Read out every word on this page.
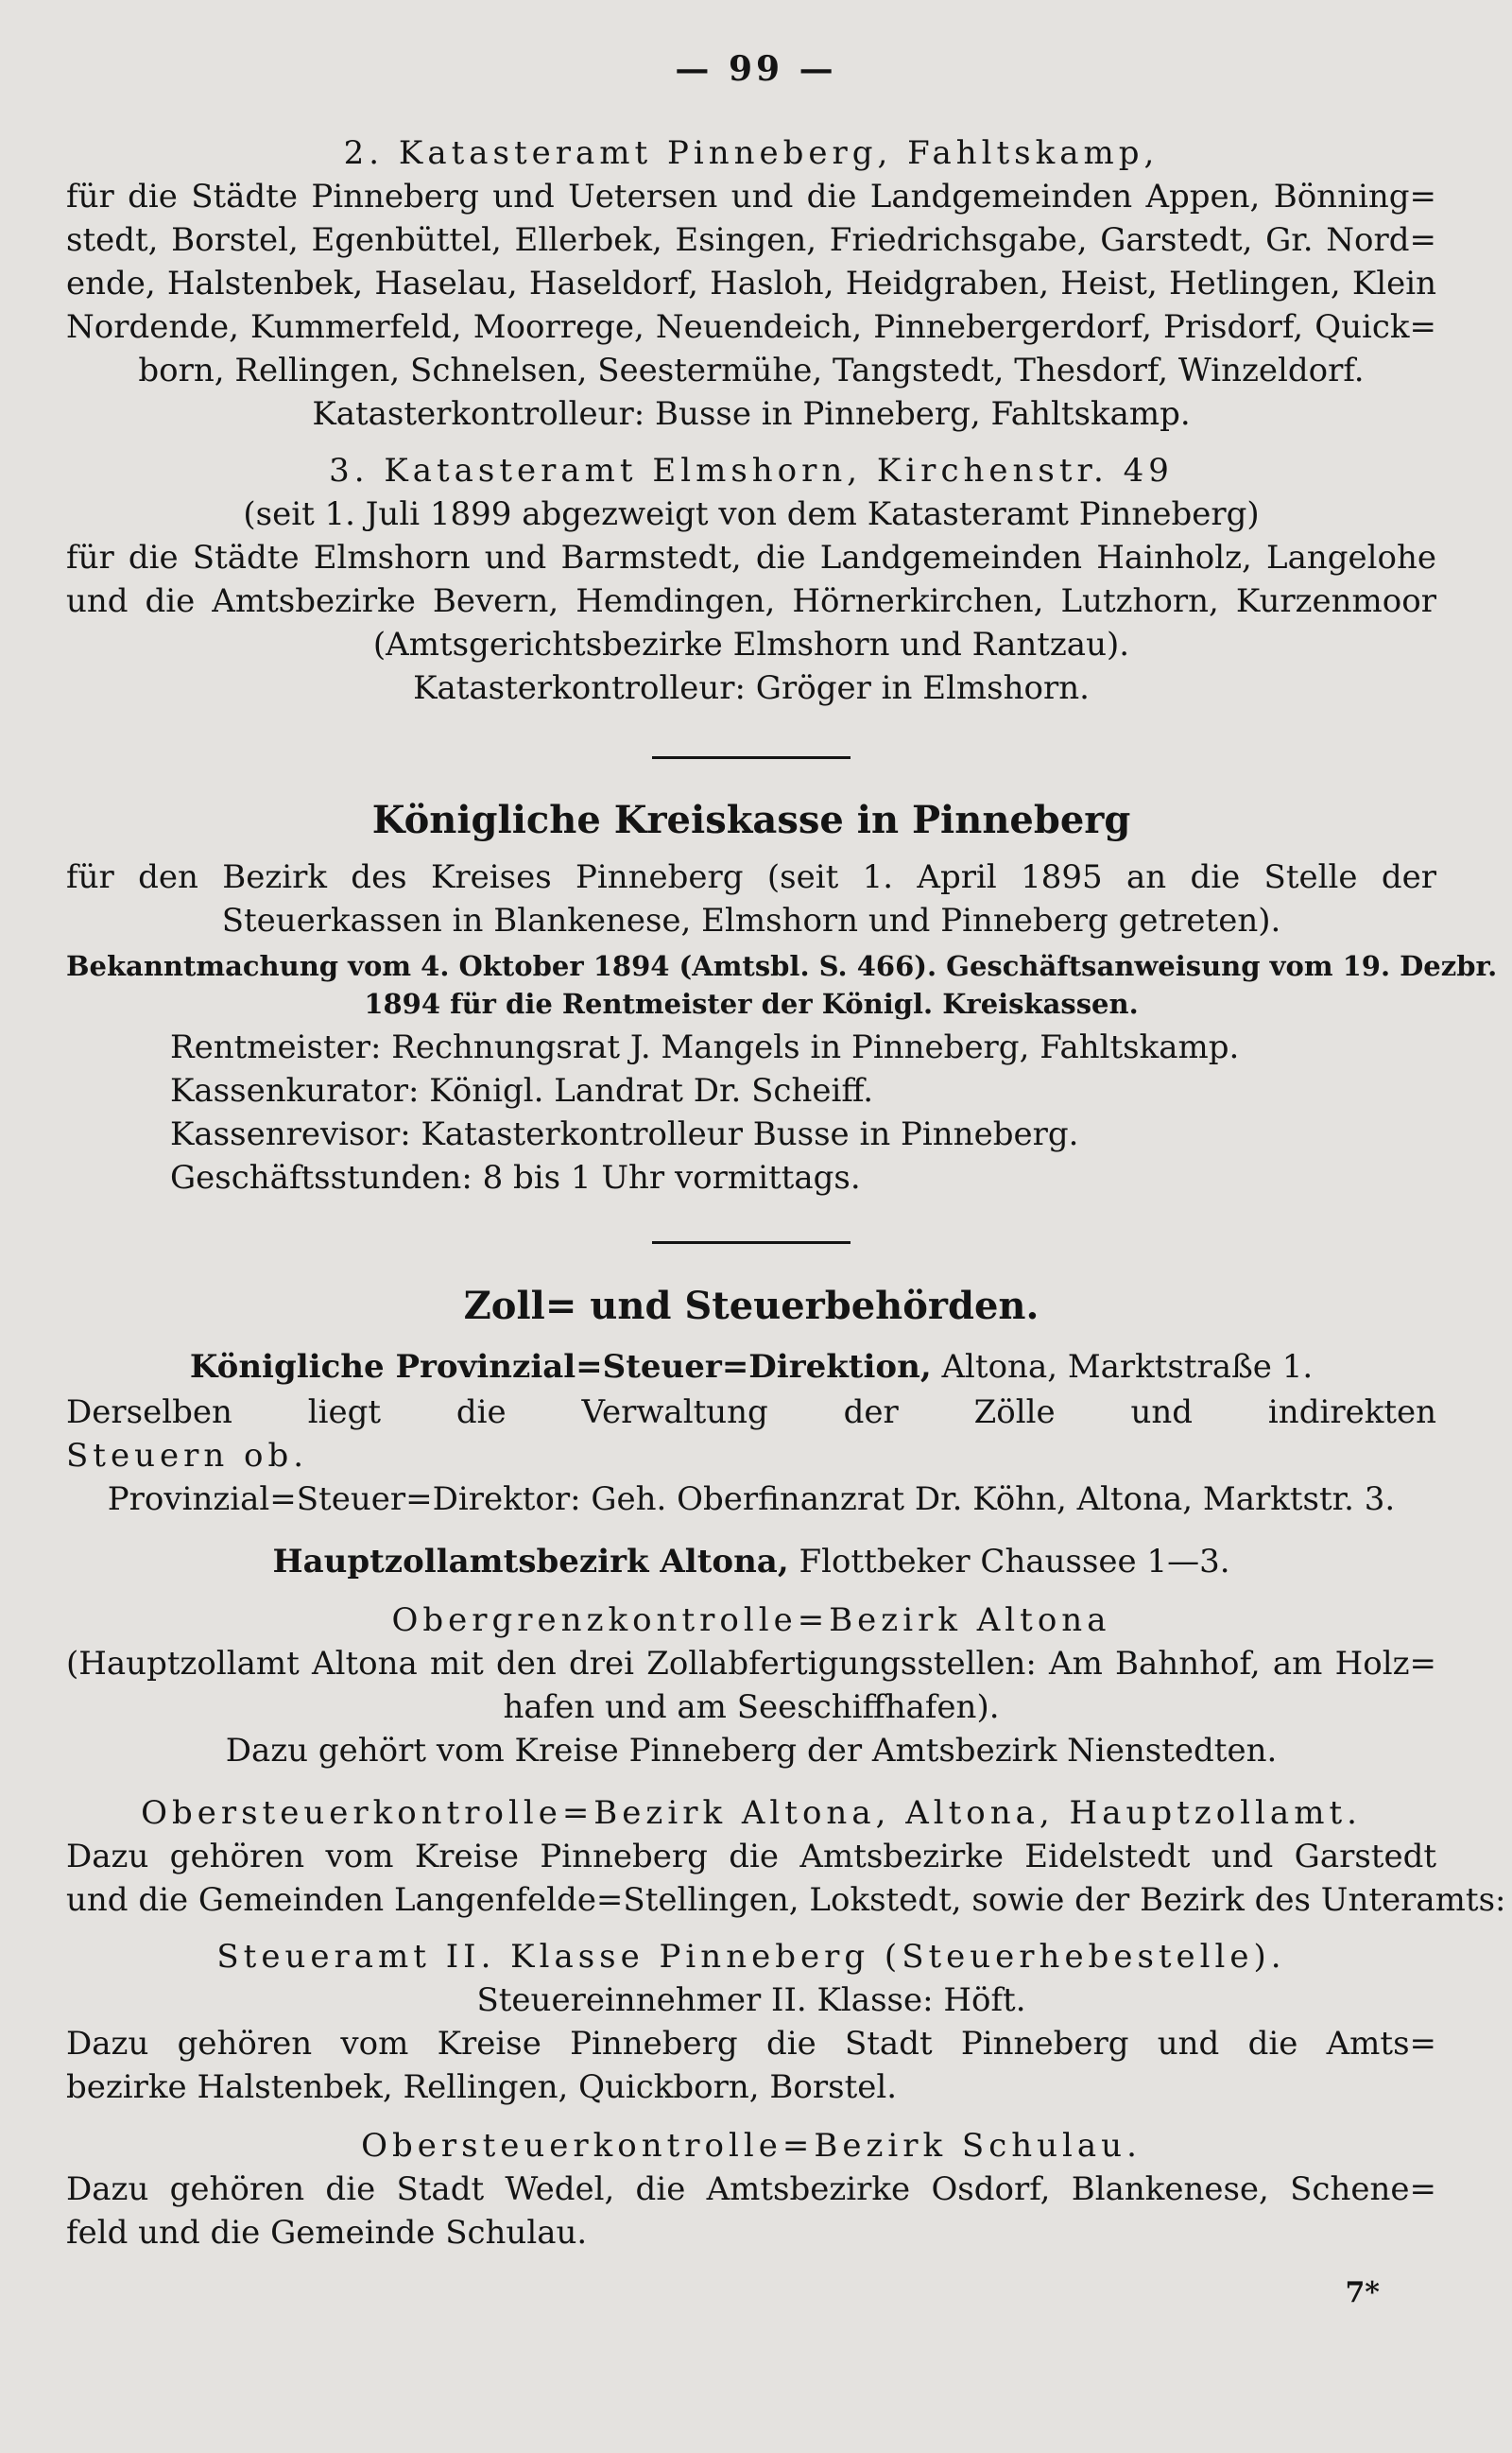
— 99 —
2. Katasteramt Pinneberg, Fahltskamp,
für die Städte Pinneberg und Uetersen und die Landgemeinden Appen, Bönning=
stedt, Borstel, Egenbüttel, Ellerbek, Esingen, Friedrichsgabe, Garstedt, Gr. Nord=
ende, Halstenbek, Haselau, Haseldorf, Hasloh, Heidgraben, Heist, Hetlingen, Klein
Nordende, Kummerfeld, Moorrege, Neuendeich, Pinnebergerdorf, Prisdorf, Quick=
born, Rellingen, Schnelsen, Seestermühe, Tangstedt, Thesdorf, Winzeldorf.
Katasterkontrolleur: Busse in Pinneberg, Fahltskamp.
3. Katasteramt Elmshorn, Kirchenstr. 49
(seit 1. Juli 1899 abgezweigt von dem Katasteramt Pinneberg)
für die Städte Elmshorn und Barmstedt, die Landgemeinden Hainholz, Langelohe
und die Amtsbezirke Bevern, Hemdingen, Hörnerkirchen, Lutzhorn, Kurzenmoor
(Amtsgerichtsbezirke Elmshorn und Rantzau).
Katasterkontrolleur: Gröger in Elmshorn.
Königliche Kreiskasse in Pinneberg
für den Bezirk des Kreises Pinneberg (seit 1. April 1895 an die Stelle der
Steuerkassen in Blankenese, Elmshorn und Pinneberg getreten).
Bekanntmachung vom 4. Oktober 1894 (Amtsbl. S. 466). Geschäftsanweisung vom 19. Dezbr.
1894 für die Rentmeister der Königl. Kreiskassen.
Rentmeister: Rechnungsrat J. Mangels in Pinneberg, Fahltskamp.
Kassenkurator: Königl. Landrat Dr. Scheiff.
Kassenrevisor: Katasterkontrolleur Busse in Pinneberg.
Geschäftsstunden: 8 bis 1 Uhr vormittags.
Zoll= und Steuerbehörden.
Königliche Provinzial=Steuer=Direktion, Altona, Marktstraße 1.
Derselben liegt die Verwaltung der Zölle und indirekten
Steuern ob.
Provinzial=Steuer=Direktor: Geh. Oberfinanzrat Dr. Köhn, Altona, Marktstr. 3.
Hauptzollamtsbezirk Altona, Flottbeker Chaussee 1—3.
Obergrenzkontrolle=Bezirk Altona
(Hauptzollamt Altona mit den drei Zollabfertigungsstellen: Am Bahnhof, am Holz=
hafen und am Seeschiffhafen).
Dazu gehört vom Kreise Pinneberg der Amtsbezirk Nienstedten.
Obersteuerkontrolle=Bezirk Altona, Altona, Hauptzollamt.
Dazu gehören vom Kreise Pinneberg die Amtsbezirke Eidelstedt und Garstedt
und die Gemeinden Langenfelde=Stellingen, Lokstedt, sowie der Bezirk des Unteramts:
Steueramt II. Klasse Pinneberg (Steuerhebestelle).
Steuereinnehmer II. Klasse: Höft.
Dazu gehören vom Kreise Pinneberg die Stadt Pinneberg und die Amts=
bezirke Halstenbek, Rellingen, Quickborn, Borstel.
Obersteuerkontrolle=Bezirk Schulau.
Dazu gehören die Stadt Wedel, die Amtsbezirke Osdorf, Blankenese, Schene=
feld und die Gemeinde Schulau.
7*
